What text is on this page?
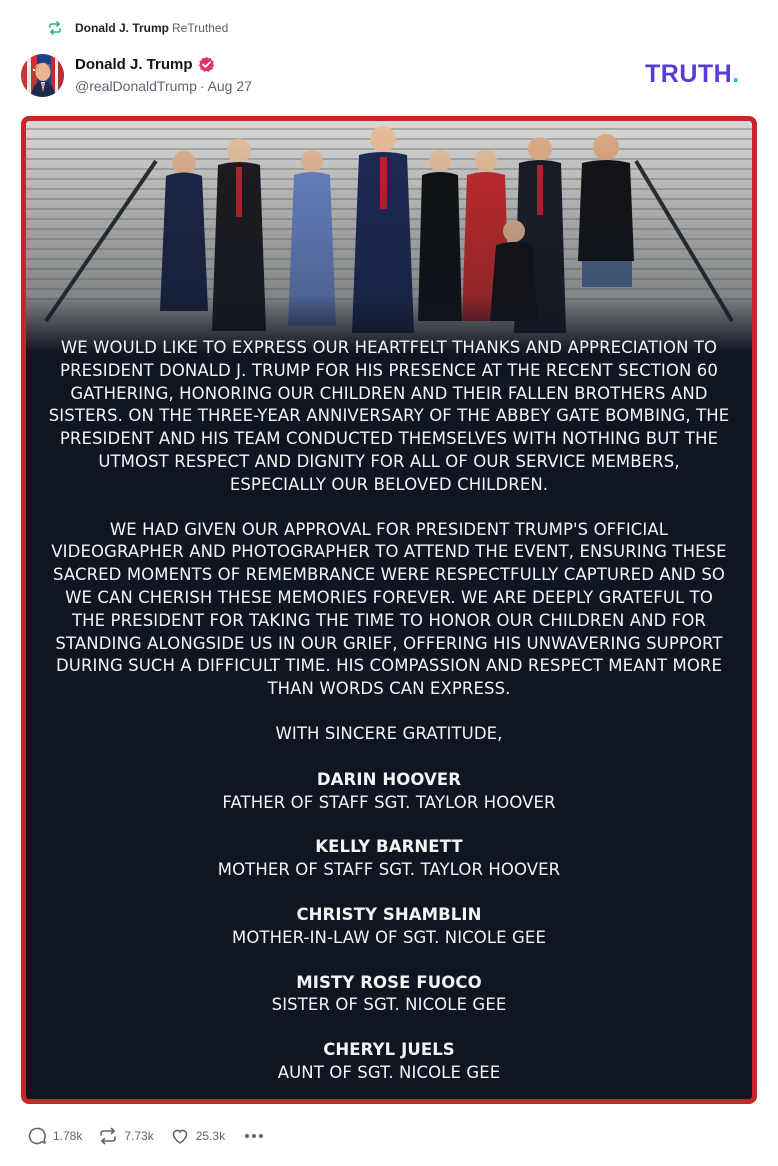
Donald J. Trump ReTruthed
Donald J. Trump
@realDonaldTrump · Aug 27	TRUTH.

WE WOULD LIKE TO EXPRESS OUR HEARTFELT THANKS AND APPRECIATION TO PRESIDENT DONALD J. TRUMP FOR HIS PRESENCE AT THE RECENT SECTION 60 GATHERING, HONORING OUR CHILDREN AND THEIR FALLEN BROTHERS AND SISTERS. ON THE THREE-YEAR ANNIVERSARY OF THE ABBEY GATE BOMBING, THE PRESIDENT AND HIS TEAM CONDUCTED THEMSELVES WITH NOTHING BUT THE UTMOST RESPECT AND DIGNITY FOR ALL OF OUR SERVICE MEMBERS, ESPECIALLY OUR BELOVED CHILDREN.

WE HAD GIVEN OUR APPROVAL FOR PRESIDENT TRUMP'S OFFICIAL VIDEOGRAPHER AND PHOTOGRAPHER TO ATTEND THE EVENT, ENSURING THESE SACRED MOMENTS OF REMEMBRANCE WERE RESPECTFULLY CAPTURED AND SO WE CAN CHERISH THESE MEMORIES FOREVER. WE ARE DEEPLY GRATEFUL TO THE PRESIDENT FOR TAKING THE TIME TO HONOR OUR CHILDREN AND FOR STANDING ALONGSIDE US IN OUR GRIEF, OFFERING HIS UNWAVERING SUPPORT DURING SUCH A DIFFICULT TIME. HIS COMPASSION AND RESPECT MEANT MORE THAN WORDS CAN EXPRESS.

WITH SINCERE GRATITUDE,

DARIN HOOVER
FATHER OF STAFF SGT. TAYLOR HOOVER
KELLY BARNETT
MOTHER OF STAFF SGT. TAYLOR HOOVER
CHRISTY SHAMBLIN
MOTHER-IN-LAW OF SGT. NICOLE GEE
MISTY ROSE FUOCO
SISTER OF SGT. NICOLE GEE
CHERYL JUELS
AUNT OF SGT. NICOLE GEE
1.78k	7.73k	25.3k
